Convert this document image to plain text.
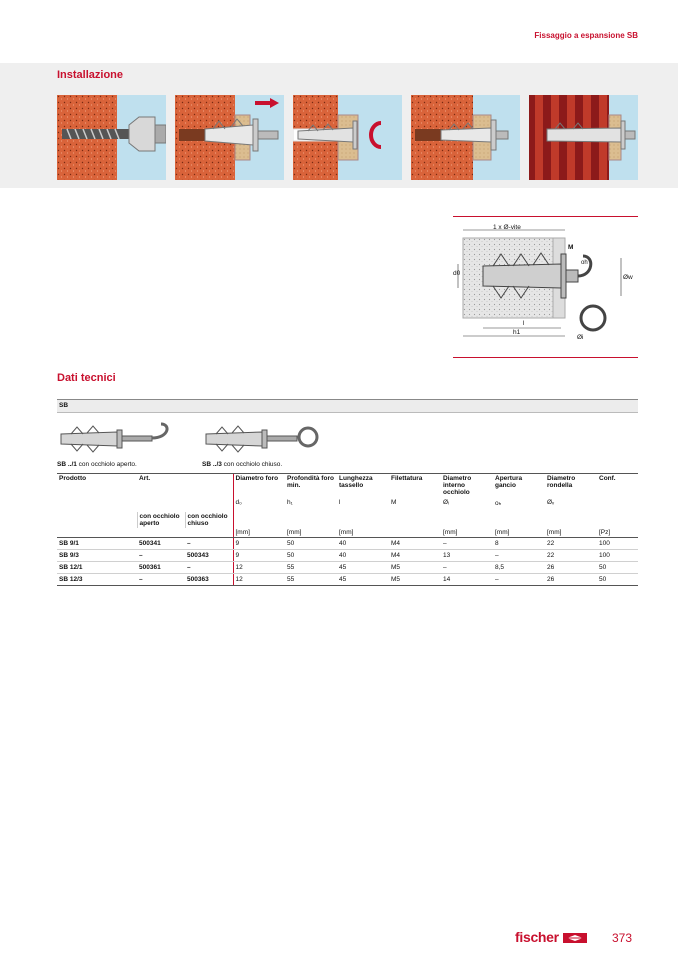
Fissaggio a espansione SB
Installazione
1 x Ø-vite
M
oh
d0
Øw
l
h1
Øi
Dati tecnici
SB
SB ../1 con occhiolo aperto.	SB ../3 con occhiolo chiuso.
Prodotto	Art.		Diametro foro	Profondità foro min.	Lunghezza tassello	Filettatura	Diametro interno occhiolo	Apertura gancio	Diametro rondella	Conf.
			d₀	h₁	l	M	Øᵢ	oₕ	Øᵥ	
	con occhiolo aperto	con occhiolo chiuso								
			[mm]	[mm]	[mm]		[mm]	[mm]	[mm]	[Pz]
SB 9/1	500341	–	9	50	40	M4	–	8	22	100
SB 9/3	–	500343	9	50	40	M4	13	–	22	100
SB 12/1	500361	–	12	55	45	M5	–	8,5	26	50
SB 12/3	–	500363	12	55	45	M5	14	–	26	50
fischer	373
